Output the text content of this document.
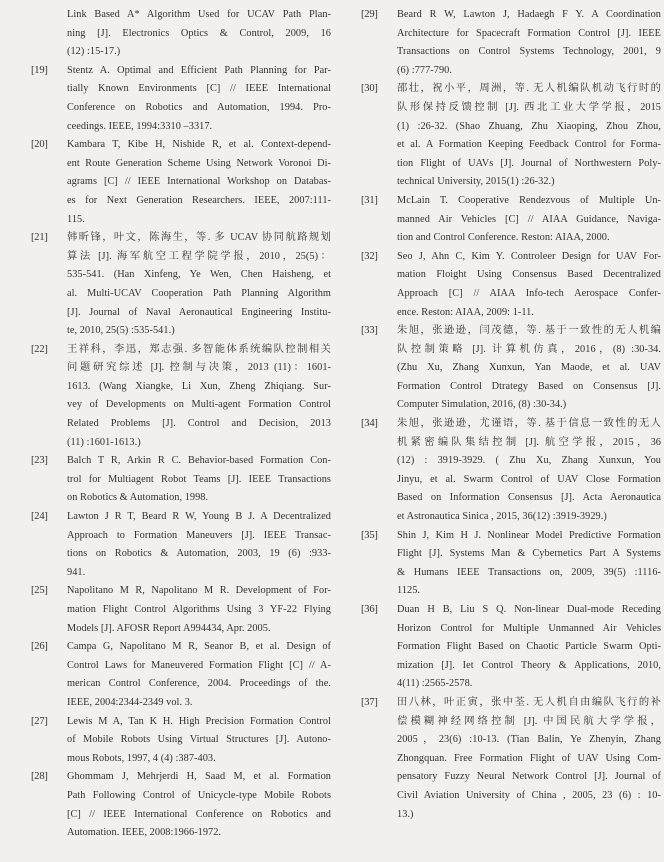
Link Based A* Algorithm Used for UCAV Path Plan-
ning [J]. Electronics Optics & Control, 2009, 16
(12) :15-17.)
[19]	Stentz A. Optimal and Efficient Path Planning for Par-
tially Known Environments [C] // IEEE International
Conference on Robotics and Automation, 1994. Pro-
ceedings. IEEE, 1994:3310 –3317.
[20]	Kambara T, Kibe H, Nishide R, et al. Context-depend-
ent Route Generation Scheme Using Network Voronoi Di-
agrams [C] // IEEE International Workshop on Databas-
es for Next Generation Researchers. IEEE, 2007:111-
115.
[21]	韩昕锋，叶文，陈海生，等. 多 UCAV 协同航路规划
算法 [J]. 海军航空工程学院学报，2010，25(5)：
535-541. (Han Xinfeng, Ye Wen, Chen Haisheng, et
al. Multi-UCAV Cooperation Path Planning Algorithm
[J]. Journal of Naval Aeronautical Engineering Institu-
te, 2010, 25(5) :535-541.)
[22]	王祥科，李迅，郑志强. 多智能体系统编队控制相关
问题研究综述 [J]. 控制与决策，2013 (11)：1601-
1613. (Wang Xiangke, Li Xun, Zheng Zhiqiang. Sur-
vey of Developments on Multi-agent Formation Control
Related Problems [J]. Control and Decision, 2013
(11) :1601-1613.)
[23]	Balch T R, Arkin R C. Behavior-based Formation Con-
trol for Multiagent Robot Teams [J]. IEEE Transactions
on Robotics & Automation, 1998.
[24]	Lawton J R T, Beard R W, Young B J. A Decentralized
Approach to Formation Maneuvers [J]. IEEE Transac-
tions on Robotics & Automation, 2003, 19 (6) :933-
941.
[25]	Napolitano M R, Napolitano M R. Development of For-
mation Flight Control Algorithms Using 3 YF-22 Flying
Models [J]. AFOSR Report A994434, Apr. 2005.
[26]	Campa G, Napolitano M R, Seanor B, et al. Design of
Control Laws for Maneuvered Formation Flight [C] // A-
merican Control Conference, 2004. Proceedings of the.
IEEE, 2004:2344-2349 vol. 3.
[27]	Lewis M A, Tan K H. High Precision Formation Control
of Mobile Robots Using Virtual Structures [J]. Autono-
mous Robots, 1997, 4 (4) :387-403.
[28]	Ghommam J, Mehrjerdi H, Saad M, et al. Formation
Path Following Control of Unicycle-type Mobile Robots
[C] // IEEE International Conference on Robotics and
Automation. IEEE, 2008:1966-1972.
[29]	Beard R W, Lawton J, Hadaegh F Y. A Coordination
Architecture for Spacecraft Formation Control [J]. IEEE
Transactions on Control Systems Technology, 2001, 9
(6) :777-790.
[30]	邵壮，祝小平，周洲，等. 无人机编队机动飞行时的
队形保持反馈控制 [J]. 西北工业大学学报，2015
(1) :26-32. (Shao Zhuang, Zhu Xiaoping, Zhou Zhou,
et al. A Formation Keeping Feedback Control for Forma-
tion Flight of UAVs [J]. Journal of Northwestern Poly-
technical University, 2015(1) :26-32.)
[31]	McLain T. Cooperative Rendezvous of Multiple Un-
manned Air Vehicles [C] // AIAA Guidance, Naviga-
tion and Control Conference. Reston: AIAA, 2000.
[32]	Seo J, Ahn C, Kim Y. Controleer Design for UAV For-
mation Floight Using Consensus Based Decentralized
Approach [C] // AIAA Info-tech Aerospace Confer-
ence. Reston: AIAA, 2009: 1-11.
[33]	朱旭，张逊逊，闫茂德，等. 基于一致性的无人机编
队控制策略 [J]. 计算机仿真，2016，(8) :30-34.
(Zhu Xu, Zhang Xunxun, Yan Maode, et al. UAV
Formation Control Dtrategy Based on Consensus [J].
Computer Simulation, 2016, (8) :30-34.)
[34]	朱旭，张逊逊，尤谨语，等. 基于信息一致性的无人
机紧密编队集结控制 [J]. 航空学报，2015，36
(12) : 3919-3929. ( Zhu Xu, Zhang Xunxun, You
Jinyu, et al. Swarm Control of UAV Close Formation
Based on Information Consensus [J]. Acta Aeronautica
et Astronautica Sinica , 2015, 36(12) :3919-3929.)
[35]	Shin J, Kim H J. Nonlinear Model Predictive Formation
Flight [J]. Systems Man & Cybernetics Part A Systems
& Humans IEEE Transactions on, 2009, 39(5) :1116-
1125.
[36]	Duan H B, Liu S Q. Non-linear Dual-mode Receding
Horizon Control for Multiple Unmanned Air Vehicles
Formation Flight Based on Chaotic Particle Swarm Opti-
mization [J]. Iet Control Theory & Applications, 2010,
4(11) :2565-2578.
[37]	田八林，叶正寅，张中荃. 无人机自由编队飞行的补
偿模糊神经网络控制 [J]. 中国民航大学学报，
2005，23(6) :10-13. (Tian Balin, Ye Zhenyin, Zhang
Zhongquan. Free Formation Flight of UAV Using Com-
pensatory Fuzzy Neural Network Control [J]. Journal of
Civil Aviation University of China , 2005, 23 (6) : 10-
13.)
